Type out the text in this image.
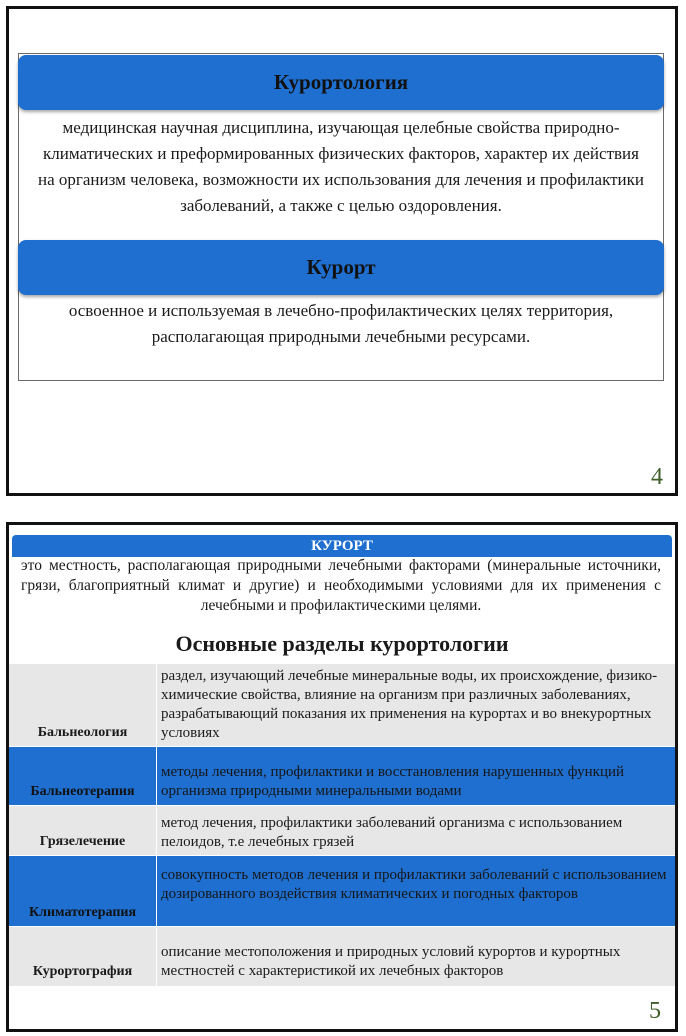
Курортология
медицинская научная дисциплина, изучающая целебные свойства природно-климатических и преформированных физических факторов, характер их действия на организм человека, возможности их использования для лечения и профилактики заболеваний, а также с целью оздоровления.
Курорт
освоенное и используемая в лечебно-профилактических целях территория, располагающая природными лечебными ресурсами.
4
КУРОРТ
это местность, располагающая природными лечебными факторами (минеральные источники, грязи, благоприятный климат и другие) и необходимыми условиями для их применения с лечебными и профилактическими целями.
Основные разделы курортологии
Бальнеология
раздел, изучающий лечебные минеральные воды, их происхождение, физико-химические свойства, влияние на организм при различных заболеваниях, разрабатывающий показания их применения на курортах и во внекурортных условиях
Бальнеотерапия
методы лечения, профилактики и восстановления нарушенных функций организма природными минеральными водами
Грязелечение
метод лечения, профилактики заболеваний организма с использованием пелоидов, т.е лечебных грязей
Климатотерапия
совокупность методов лечения и профилактики заболеваний с использованием дозированного воздействия климатических и погодных факторов
Курортография
описание местоположения и природных условий курортов и курортных местностей с характеристикой их лечебных факторов
5
